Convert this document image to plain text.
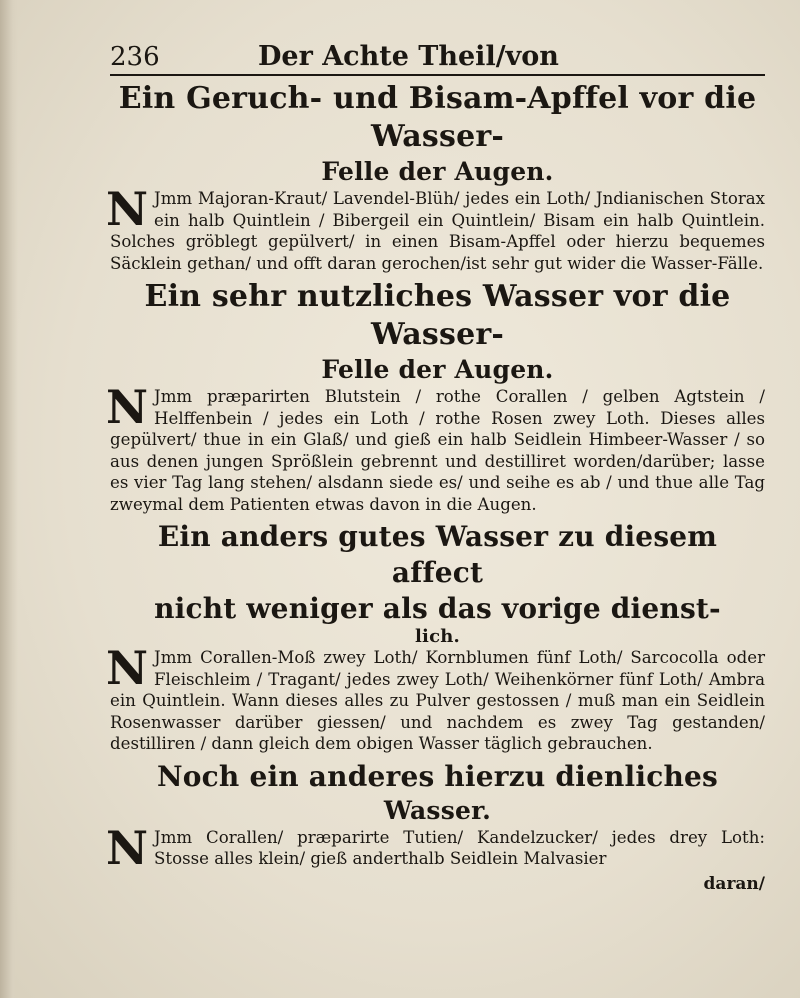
236	Der Achte Theil/von
Ein Geruch- und Bisam-Apffel vor die Wasser-
Felle der Augen.

N Jmm Majoran-Kraut/ Lavendel-Blüh/ jedes ein Loth/ Jndianischen Storax ein halb Quintlein / Bibergeil ein Quintlein/ Bisam ein halb Quintlein. Solches gröblegt gepülvert/ in einen Bisam-Apffel oder hierzu bequemes Säcklein gethan/ und offt daran gerochen/ist sehr gut wider die Wasser-Fälle.

Ein sehr nutzliches Wasser vor die Wasser-
Felle der Augen.

N Jmm præparirten Blutstein / rothe Corallen / gelben Agtstein / Helffenbein / jedes ein Loth / rothe Rosen zwey Loth. Dieses alles gepülvert/ thue in ein Glaß/ und gieß ein halb Seidlein Himbeer-Wasser / so aus denen jungen Sprößlein gebrennt und destilliret worden/darüber; lasse es vier Tag lang stehen/ alsdann siede es/ und seihe es ab / und thue alle Tag zweymal dem Patienten etwas davon in die Augen.

Ein anders gutes Wasser zu diesem affect
nicht weniger als das vorige dienst-
lich.

N Jmm Corallen-Moß zwey Loth/ Kornblumen fünf Loth/ Sarcocolla oder Fleischleim / Tragant/ jedes zwey Loth/ Weihenkörner fünf Loth/ Ambra ein Quintlein. Wann dieses alles zu Pulver gestossen / muß man ein Seidlein Rosenwasser darüber giessen/ und nachdem es zwey Tag gestanden/ destilliren / dann gleich dem obigen Wasser täglich gebrauchen.

Noch ein anderes hierzu dienliches
Wasser.

N Jmm Corallen/ præparirte Tutien/ Kandelzucker/ jedes drey Loth: Stosse alles klein/ gieß anderthalb Seidlein Malvasier

daran/
